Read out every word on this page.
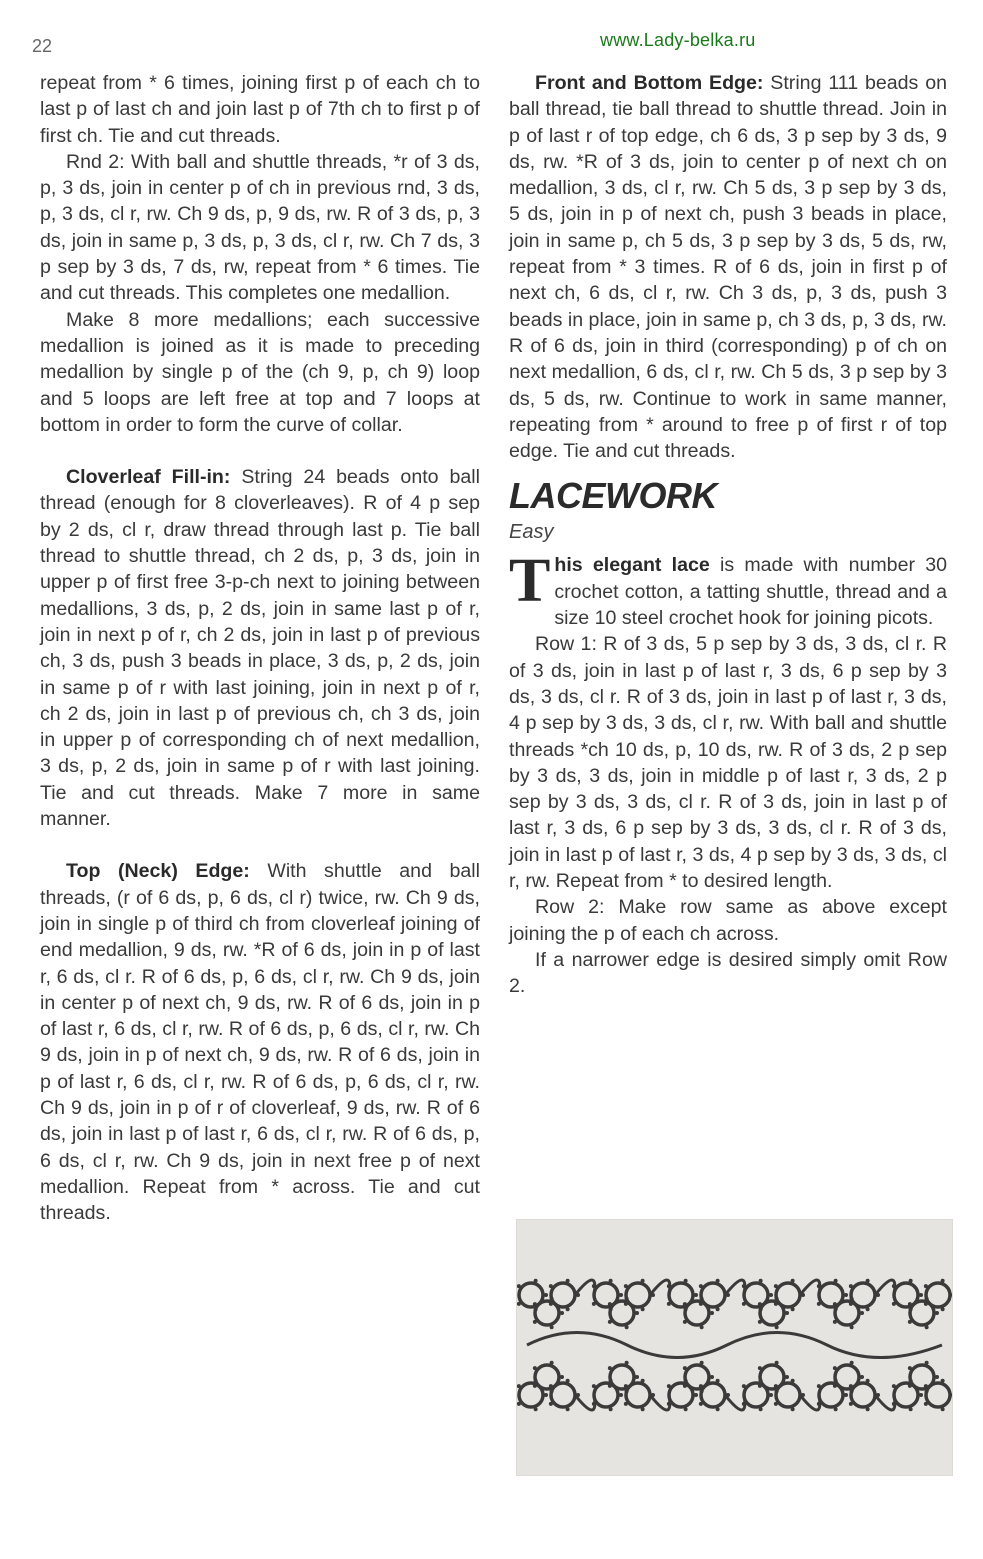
22	www.Lady-belka.ru

repeat from * 6 times, joining first p of each ch to last p of last ch and join last p of 7th ch to first p of first ch. Tie and cut threads.

Rnd 2: With ball and shuttle threads, *r of 3 ds, p, 3 ds, join in center p of ch in previous rnd, 3 ds, p, 3 ds, cl r, rw. Ch 9 ds, p, 9 ds, rw. R of 3 ds, p, 3 ds, join in same p, 3 ds, p, 3 ds, cl r, rw. Ch 7 ds, 3 p sep by 3 ds, 7 ds, rw, repeat from * 6 times. Tie and cut threads. This completes one medallion.

Make 8 more medallions; each successive medallion is joined as it is made to preceding medallion by single p of the (ch 9, p, ch 9) loop and 5 loops are left free at top and 7 loops at bottom in order to form the curve of collar.

Cloverleaf Fill-in: String 24 beads onto ball thread (enough for 8 cloverleaves). R of 4 p sep by 2 ds, cl r, draw thread through last p. Tie ball thread to shuttle thread, ch 2 ds, p, 3 ds, join in upper p of first free 3-p-ch next to joining between medallions, 3 ds, p, 2 ds, join in same last p of r, join in next p of r, ch 2 ds, join in last p of previous ch, 3 ds, push 3 beads in place, 3 ds, p, 2 ds, join in same p of r with last joining, join in next p of r, ch 2 ds, join in last p of previous ch, ch 3 ds, join in upper p of corresponding ch of next medallion, 3 ds, p, 2 ds, join in same p of r with last joining. Tie and cut threads. Make 7 more in same manner.

Top (Neck) Edge: With shuttle and ball threads, (r of 6 ds, p, 6 ds, cl r) twice, rw. Ch 9 ds, join in single p of third ch from cloverleaf joining of end medallion, 9 ds, rw. *R of 6 ds, join in p of last r, 6 ds, cl r. R of 6 ds, p, 6 ds, cl r, rw. Ch 9 ds, join in center p of next ch, 9 ds, rw. R of 6 ds, join in p of last r, 6 ds, cl r, rw. R of 6 ds, p, 6 ds, cl r, rw. Ch 9 ds, join in p of next ch, 9 ds, rw. R of 6 ds, join in p of last r, 6 ds, cl r, rw. R of 6 ds, p, 6 ds, cl r, rw. Ch 9 ds, join in p of r of cloverleaf, 9 ds, rw. R of 6 ds, join in last p of last r, 6 ds, cl r, rw. R of 6 ds, p, 6 ds, cl r, rw. Ch 9 ds, join in next free p of next medallion. Repeat from * across. Tie and cut threads.

Front and Bottom Edge: String 111 beads on ball thread, tie ball thread to shuttle thread. Join in p of last r of top edge, ch 6 ds, 3 p sep by 3 ds, 9 ds, rw. *R of 3 ds, join to center p of next ch on medallion, 3 ds, cl r, rw. Ch 5 ds, 3 p sep by 3 ds, 5 ds, join in p of next ch, push 3 beads in place, join in same p, ch 5 ds, 3 p sep by 3 ds, 5 ds, rw, repeat from * 3 times. R of 6 ds, join in first p of next ch, 6 ds, cl r, rw. Ch 3 ds, p, 3 ds, push 3 beads in place, join in same p, ch 3 ds, p, 3 ds, rw. R of 6 ds, join in third (corresponding) p of ch on next medallion, 6 ds, cl r, rw. Ch 5 ds, 3 p sep by 3 ds, 5 ds, rw. Continue to work in same manner, repeating from * around to free p of first r of top edge. Tie and cut threads.

LACEWORK
Easy

This elegant lace is made with number 30 crochet cotton, a tatting shuttle, thread and a size 10 steel crochet hook for joining picots.

Row 1: R of 3 ds, 5 p sep by 3 ds, 3 ds, cl r. R of 3 ds, join in last p of last r, 3 ds, 6 p sep by 3 ds, 3 ds, cl r. R of 3 ds, join in last p of last r, 3 ds, 4 p sep by 3 ds, 3 ds, cl r, rw. With ball and shuttle threads *ch 10 ds, p, 10 ds, rw. R of 3 ds, 2 p sep by 3 ds, 3 ds, join in middle p of last r, 3 ds, 2 p sep by 3 ds, 3 ds, cl r. R of 3 ds, join in last p of last r, 3 ds, 6 p sep by 3 ds, 3 ds, cl r. R of 3 ds, join in last p of last r, 3 ds, 4 p sep by 3 ds, 3 ds, cl r, rw. Repeat from * to desired length.

Row 2: Make row same as above except joining the p of each ch across.

If a narrower edge is desired simply omit Row 2.
